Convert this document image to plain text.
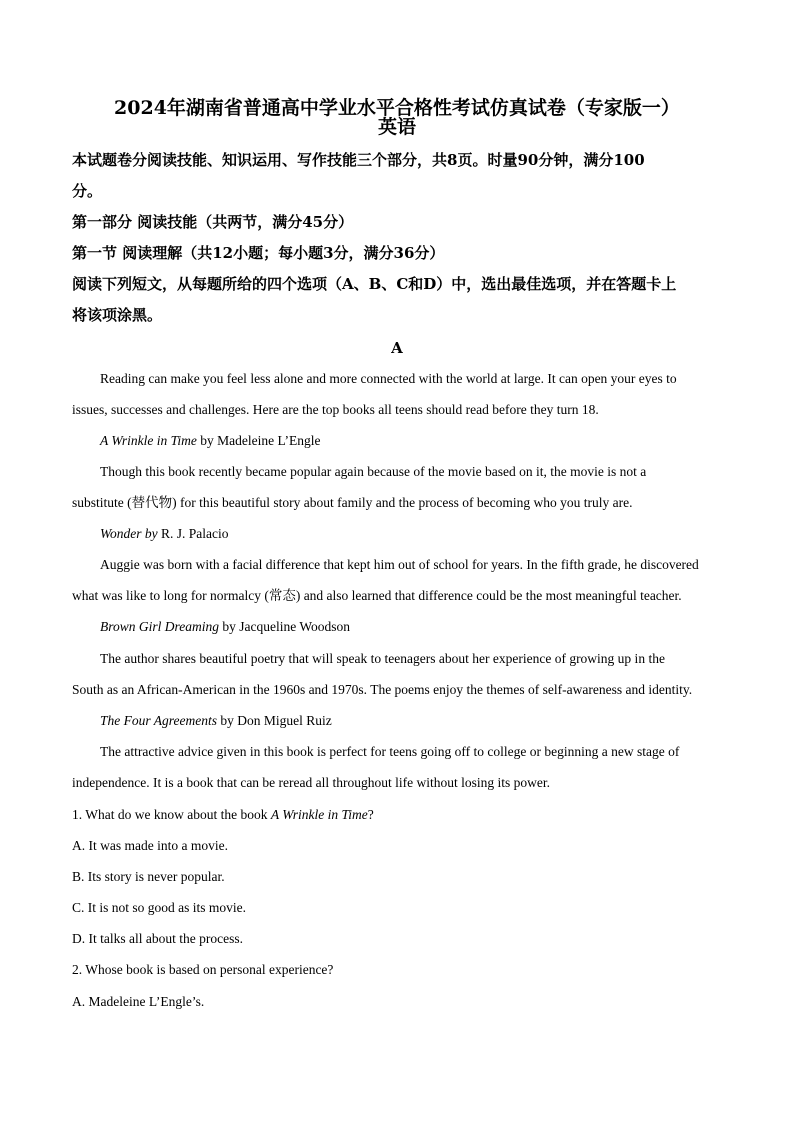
2024年湖南省普通高中学业水平合格性考试仿真试卷（专家版一）
英语
本试题卷分阅读技能、知识运用、写作技能三个部分，共8页。时量90分钟，满分100
分。
第一部分 阅读技能（共两节，满分45分）
第一节 阅读理解（共12小题；每小题3分，满分36分）
阅读下列短文，从每题所给的四个选项（A、B、C和D）中，选出最佳选项，并在答题卡上
将该项涂黑。
A
Reading can make you feel less alone and more connected with the world at large. It can open your eyes to
issues, successes and challenges. Here are the top books all teens should read before they turn 18.
A Wrinkle in Time by Madeleine L’Engle
Though this book recently became popular again because of the movie based on it, the movie is not a
substitute (替代物) for this beautiful story about family and the process of becoming who you truly are.
Wonder by R. J. Palacio
Auggie was born with a facial difference that kept him out of school for years. In the fifth grade, he discovered
what was like to long for normalcy (常态) and also learned that difference could be the most meaningful teacher.
Brown Girl Dreaming by Jacqueline Woodson
The author shares beautiful poetry that will speak to teenagers about her experience of growing up in the
South as an African-American in the 1960s and 1970s. The poems enjoy the themes of self-awareness and identity.
The Four Agreements by Don Miguel Ruiz
The attractive advice given in this book is perfect for teens going off to college or beginning a new stage of
independence. It is a book that can be reread all throughout life without losing its power.
1. What do we know about the book A Wrinkle in Time?
A. It was made into a movie.
B. Its story is never popular.
C. It is not so good as its movie.
D. It talks all about the process.
2. Whose book is based on personal experience?
A. Madeleine L’Engle’s.
